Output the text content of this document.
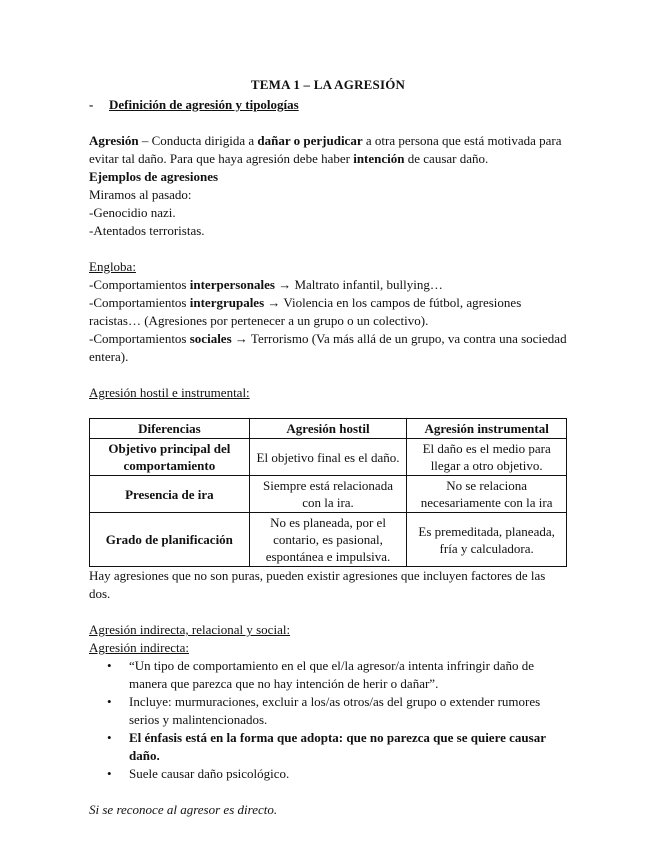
TEMA 1 – LA AGRESIÓN
-	Definición de agresión y tipologías

Agresión – Conducta dirigida a dañar o perjudicar a otra persona que está motivada para evitar tal daño. Para que haya agresión debe haber intención de causar daño.

Ejemplos de agresiones

Miramos al pasado:

-Genocidio nazi.

-Atentados terroristas.

Engloba:

-Comportamientos interpersonales → Maltrato infantil, bullying…

-Comportamientos intergrupales → Violencia en los campos de fútbol, agresiones racistas… (Agresiones por pertenecer a un grupo o un colectivo).

-Comportamientos sociales → Terrorismo (Va más allá de un grupo, va contra una sociedad entera).

Agresión hostil e instrumental:

Diferencias	Agresión hostil	Agresión instrumental
Objetivo principal del comportamiento	El objetivo final es el daño.	El daño es el medio para llegar a otro objetivo.
Presencia de ira	Siempre está relacionada con la ira.	No se relaciona necesariamente con la ira
Grado de planificación	No es planeada, por el contario, es pasional, espontánea e impulsiva.	Es premeditada, planeada, fría y calculadora.

Hay agresiones que no son puras, pueden existir agresiones que incluyen factores de las dos.

Agresión indirecta, relacional y social:

Agresión indirecta:

• “Un tipo de comportamiento en el que el/la agresor/a intenta infringir daño de manera que parezca que no hay intención de herir o dañar”.
• Incluye: murmuraciones, excluir a los/as otros/as del grupo o extender rumores serios y malintencionados.
• El énfasis está en la forma que adopta: que no parezca que se quiere causar daño.
• Suele causar daño psicológico.

Si se reconoce al agresor es directo.
